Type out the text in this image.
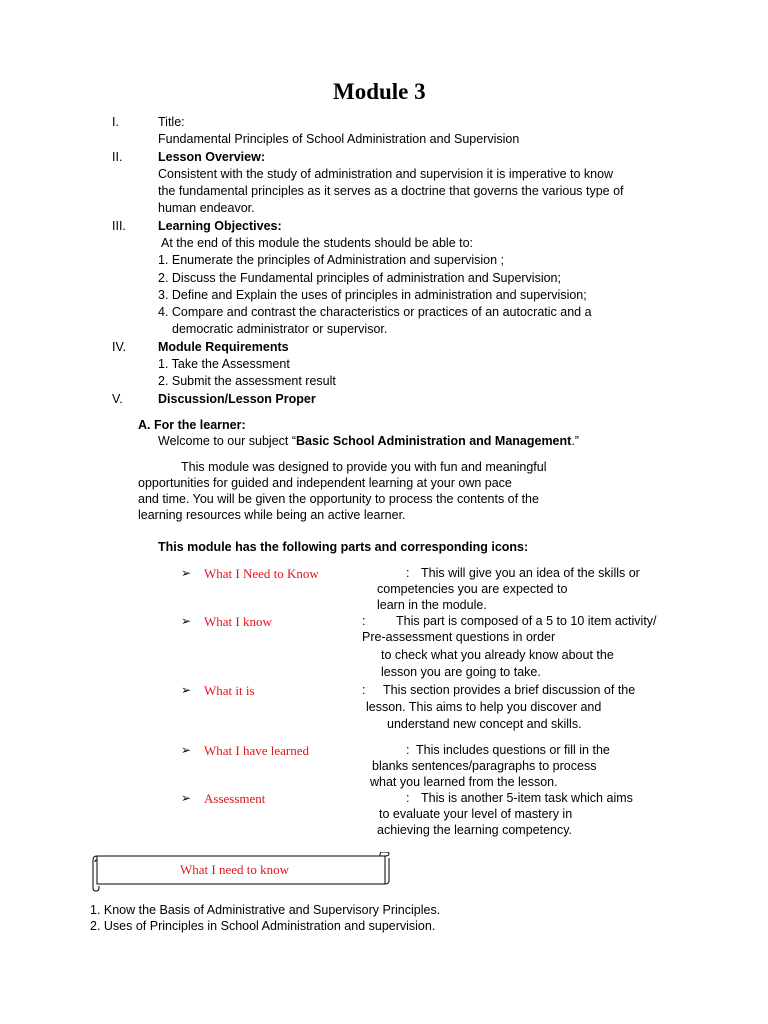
Module 3
I.	Title:
Fundamental Principles of School Administration and Supervision
II.	Lesson Overview:
Consistent with the study of administration and supervision it is imperative to know
the fundamental principles as it serves as a doctrine that governs the various type of
human endeavor.
III.	Learning Objectives:
At the end of this module the students should be able to:
1. Enumerate the principles of Administration and supervision ;
2. Discuss the Fundamental principles of administration and Supervision;
3. Define and Explain the uses of principles in administration and supervision;
4. Compare and contrast the characteristics or practices of an autocratic and a
democratic administrator or supervisor.
IV.	Module Requirements
1. Take the Assessment
2. Submit the assessment result
V.	Discussion/Lesson Proper
A. For the learner:
Welcome to our subject “Basic School Administration and Management.”
This module was designed to provide you with fun and meaningful
opportunities for guided and independent learning at your own pace
and time. You will be given the opportunity to process the contents of the
learning resources while being an active learner.
This module has the following parts and corresponding icons:
➢ What I Need to Know	: This will give you an idea of the skills or
competencies you are expected to
learn in the module.
➢ What I know	: This part is composed of a 5 to 10 item activity/
Pre-assessment questions in order
to check what you already know about the
lesson you are going to take.
➢ What it is	: This section provides a brief discussion of the
lesson. This aims to help you discover and
understand new concept and skills.
➢ What I have learned	: This includes questions or fill in the
blanks sentences/paragraphs to process
what you learned from the lesson.
➢ Assessment	: This is another 5-item task which aims
to evaluate your level of mastery in
achieving the learning competency.
What I need to know
1. Know the Basis of Administrative and Supervisory Principles.
2. Uses of Principles in School Administration and supervision.
